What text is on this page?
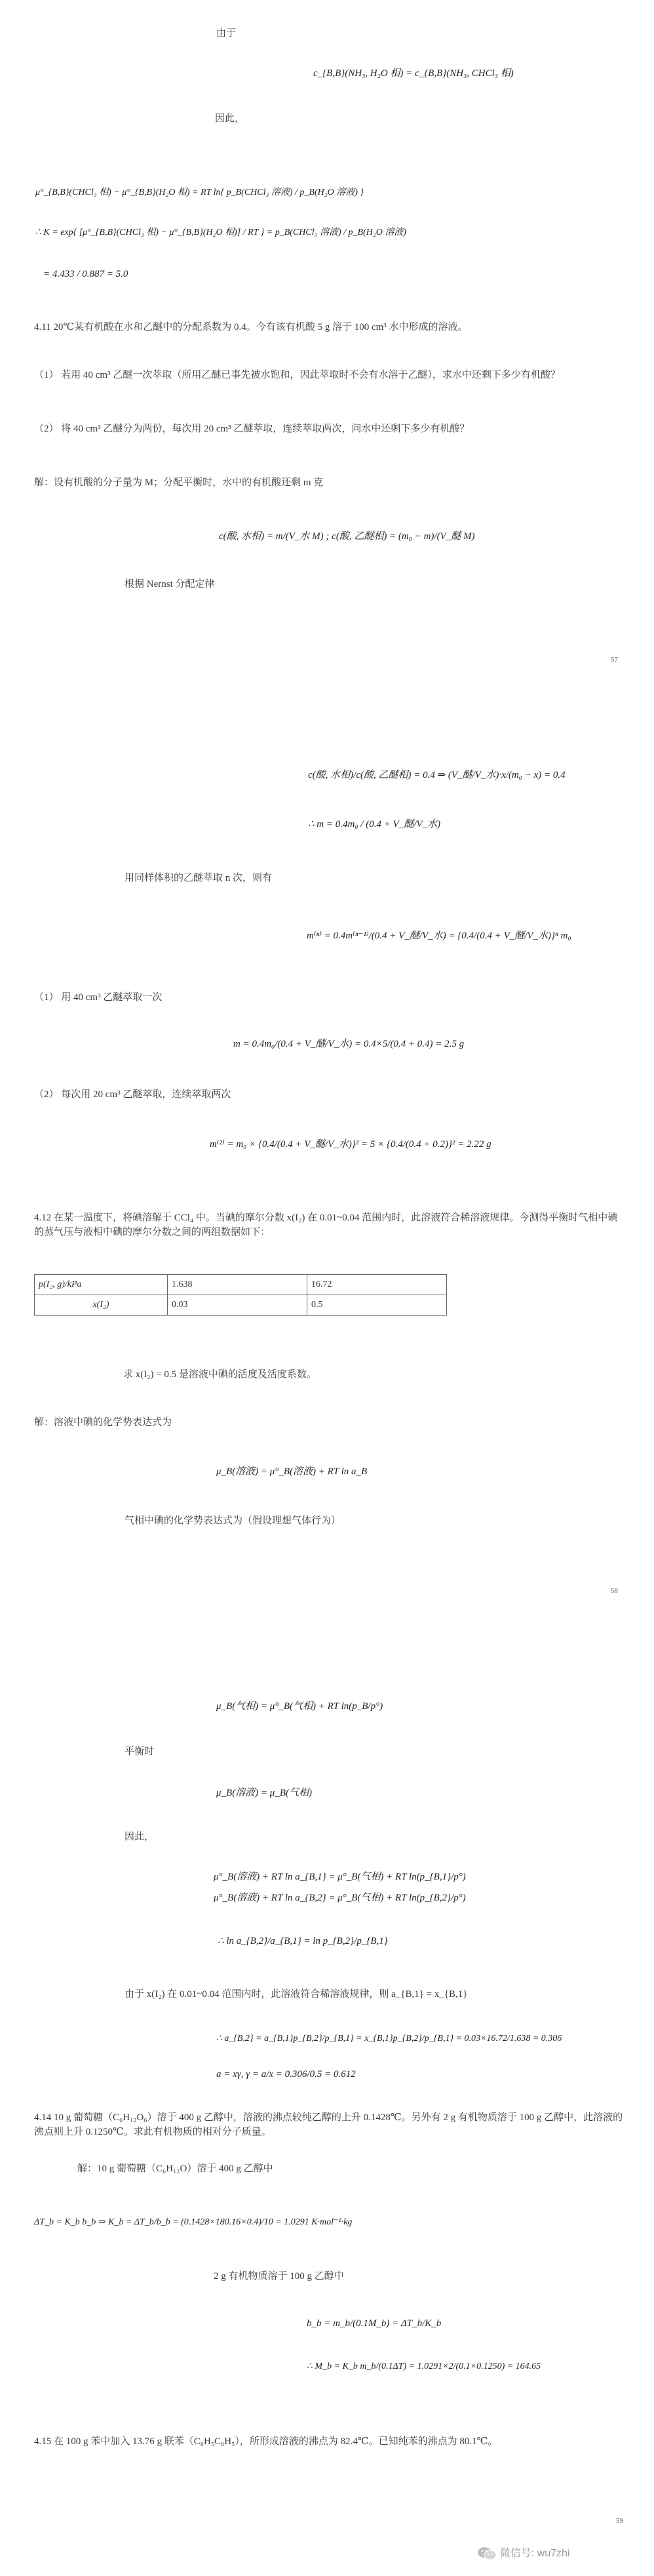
由于
c_{B,B}(NH₃, H₂O 相) = c_{B,B}(NH₃, CHCl₃ 相)
因此，
μ°_{B,B}(CHCl₃ 相) − μ°_{B,B}(H₂O 相) = RT ln{ p_B(CHCl₃ 溶液) / p_B(H₂O 溶液) }
∴ K = exp{ [μ°_{B,B}(CHCl₃ 相) − μ°_{B,B}(H₂O 相)] / RT } = p_B(CHCl₃ 溶液) / p_B(H₂O 溶液)
= 4.433 / 0.887 = 5.0
4.11 20℃某有机酸在水和乙醚中的分配系数为 0.4。今有该有机酸 5 g 溶于 100 cm³ 水中形成的溶液。
（1） 若用 40 cm³ 乙醚一次萃取（所用乙醚已事先被水饱和，因此萃取时不会有水溶于乙醚），求水中还剩下多少有机酸？
（2） 将 40 cm³ 乙醚分为两份，每次用 20 cm³ 乙醚萃取，连续萃取两次，问水中还剩下多少有机酸？
解：设有机酸的分子量为 M；分配平衡时，水中的有机酸还剩 m 克
c(酸, 水相) = m/(V_水 M) ; c(酸, 乙醚相) = (m₀ − m)/(V_醚 M)
根据 Nernst 分配定律
57
c(酸, 水相)/c(酸, 乙醚相) = 0.4 ⇒ (V_醚/V_水)·x/(m₀ − x) = 0.4
∴ m = 0.4m₀ / (0.4 + V_醚/V_水)
用同样体积的乙醚萃取 n 次，则有
m⁽ⁿ⁾ = 0.4m⁽ⁿ⁻¹⁾/(0.4 + V_醚/V_水) = {0.4/(0.4 + V_醚/V_水)}ⁿ m₀
（1） 用 40 cm³ 乙醚萃取一次
m = 0.4m₀/(0.4 + V_醚/V_水) = 0.4×5/(0.4 + 0.4) = 2.5 g
（2） 每次用 20 cm³ 乙醚萃取，连续萃取两次
m⁽²⁾ = m₀ × {0.4/(0.4 + V_醚/V_水)}² = 5 × {0.4/(0.4 + 0.2)}² = 2.22 g
4.12 在某一温度下，将碘溶解于 CCl₄ 中。当碘的摩尔分数 x(I₂) 在 0.01~0.04 范围内时，此溶液符合稀溶液规律。今测得平衡时气相中碘的蒸气压与液相中碘的摩尔分数之间的两组数据如下：
p(I₂, g)/kPa	1.638	16.72
x(I₂)	0.03	0.5
求 x(I₂) = 0.5 是溶液中碘的活度及活度系数。
解：溶液中碘的化学势表达式为
μ_B(溶液) = μ°_B(溶液) + RT ln a_B
气相中碘的化学势表达式为（假设理想气体行为）
58
μ_B(气相) = μ°_B(气相) + RT ln(p_B/p°)
平衡时
μ_B(溶液) = μ_B(气相)
因此，
μ°_B(溶液) + RT ln a_{B,1} = μ°_B(气相) + RT ln(p_{B,1}/p°)
μ°_B(溶液) + RT ln a_{B,2} = μ°_B(气相) + RT ln(p_{B,2}/p°)
∴ ln a_{B,2}/a_{B,1} = ln p_{B,2}/p_{B,1}
由于 x(I₂) 在 0.01~0.04 范围内时，此溶液符合稀溶液规律，则 a_{B,1} = x_{B,1}
∴ a_{B,2} = a_{B,1}p_{B,2}/p_{B,1} = x_{B,1}p_{B,2}/p_{B,1} = 0.03×16.72/1.638 = 0.306
a = xγ, γ = a/x = 0.306/0.5 = 0.612
4.14 10 g 葡萄糖（C₆H₁₂O₆）溶于 400 g 乙醇中，溶液的沸点较纯乙醇的上升 0.1428℃。另外有 2 g 有机物质溶于 100 g 乙醇中，此溶液的沸点则上升 0.1250℃。求此有机物质的相对分子质量。
解：10 g 葡萄糖（C₆H₁₂O）溶于 400 g 乙醇中
ΔT_b = K_b b_b ⇒ K_b = ΔT_b/b_b = (0.1428×180.16×0.4)/10 = 1.0291 K·mol⁻¹·kg
2 g 有机物质溶于 100 g 乙醇中
b_b = m_b/(0.1M_b) = ΔT_b/K_b
∴ M_b = K_b m_b/(0.1ΔT) = 1.0291×2/(0.1×0.1250) = 164.65
4.15 在 100 g 苯中加入 13.76 g 联苯（C₆H₅C₆H₅），所形成溶液的沸点为 82.4℃。已知纯苯的沸点为 80.1℃。
59
微信号: wu7zhi
